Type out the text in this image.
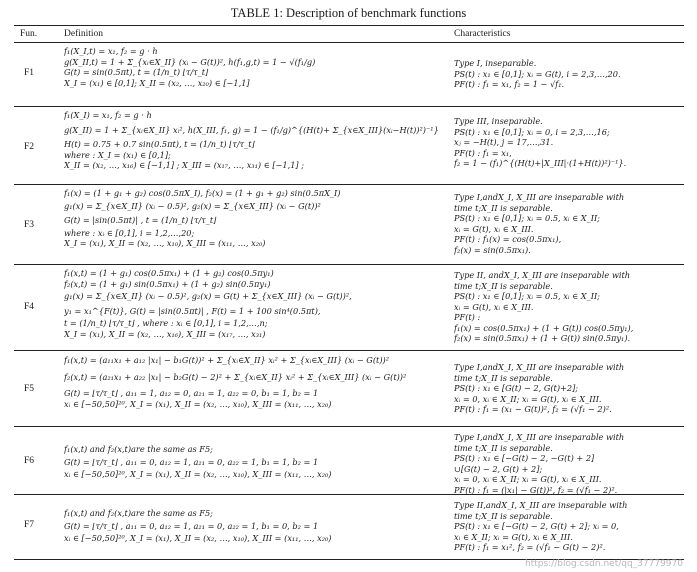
TABLE 1: Description of benchmark functions
Fun.	Definition	Characteristics
F1
f₁(X_I,t) = x₁, f₂ = g · h
g(X_II,t) = 1 + Σ_{xᵢ∈X_II} (xᵢ − G(t))², h(f₁,g,t) = 1 − √(f₁/g)
G(t) = sin(0.5πt), t = (1/n_t) ⌊τ/τ_t⌋
X_I = (x₁) ∈ [0,1]; X_II = (x₂, …, x₂₀) ∈ [−1,1]
Type I, inseparable.
PS(t) : x₁ ∈ [0,1]; xᵢ = G(t), i = 2,3,…,20.
PF(t) : f₁ = x₁, f₂ = 1 − √f₁.
F2
f₁(X_I) = x₁, f₂ = g · h
g(X_II) = 1 + Σ_{xᵢ∈X_II} xᵢ², h(X_III, f₁, g) = 1 − (f₁/g)^{(H(t)+ Σ_{x∈X_III}(xᵢ−H(t))²)⁻¹}
H(t) = 0.75 + 0.7 sin(0.5πt), t = (1/n_t) ⌊τ/τ_t⌋
where : X_I = (x₁) ∈ [0,1];
X_II = (x₂, …, x₁₆) ∈ [−1,1] ; X_III = (x₁₇, …, x₃₁) ∈ [−1,1] ;
Type III, inseparable.
PS(t) : x₁ ∈ [0,1]; xᵢ = 0, i = 2,3,…,16;
xⱼ = −H(t), j = 17,…,31.
PF(t) : f₁ = x₁,
f₂ = 1 − (f₁)^{(H(t)+|X_III|·(1+H(t))²)⁻¹}.
F3
f₁(x) = (1 + g₁ + g₂) cos(0.5πX_I), f₂(x) = (1 + g₁ + g₂) sin(0.5πX_I)
g₁(x) = Σ_{x∈X_II} (xᵢ − 0.5)², g₂(x) = Σ_{x∈X_III} (xᵢ − G(t))²
G(t) = |sin(0.5πt)| , t = (1/n_t) ⌊τ/τ_t⌋
where : xᵢ ∈ [0,1], i = 1,2,…,20;
X_I = (x₁), X_II = (x₂, …, x₁₀), X_III = (x₁₁, …, x₂₀)
Type I,andX_I, X_III are inseparable with
time t;X_II is separable.
PS(t) : x₁ ∈ [0,1]; xᵢ = 0.5, xᵢ ∈ X_II;
xᵢ = G(t), xᵢ ∈ X_III.
PF(t) : f₁(x) = cos(0.5πx₁),
f₂(x) = sin(0.5πx₁).
F4
f₁(x,t) = (1 + g₁) cos(0.5πx₁) + (1 + g₂) cos(0.5πy₁)
f₂(x,t) = (1 + g₁) sin(0.5πx₁) + (1 + g₂) sin(0.5πy₁)
g₁(x) = Σ_{x∈X_II} (xᵢ − 0.5)², g₂(x) = G(t) + Σ_{x∈X_III} (xᵢ − G(t))²,
y₁ = x₁^{F(t)}, G(t) = |sin(0.5πt)| , F(t) = 1 + 100 sin⁴(0.5πt),
t = (1/n_t) ⌊τ/τ_t⌋ , where : xᵢ ∈ [0,1], i = 1,2,…,n;
X_I = (x₁), X_II = (x₂, …, x₁₆), X_III = (x₁₇, …, x₃₁)
Type II, andX_I, X_III are inseparable with
time t;X_II is separable.
PS(t) : x₁ ∈ [0,1]; xᵢ = 0.5, xᵢ ∈ X_II;
xᵢ = G(t), xᵢ ∈ X_III.
PF(t) :
f₁(x) = cos(0.5πx₁) + (1 + G(t)) cos(0.5πy₁),
f₂(x) = sin(0.5πx₁) + (1 + G(t)) sin(0.5πy₁).
F5
f₁(x,t) = (a₁₁x₁ + a₁₂ |x₁| − b₁G(t))² + Σ_{xᵢ∈X_II} xᵢ² + Σ_{xᵢ∈X_III} (xᵢ − G(t))²
f₂(x,t) = (a₂₁x₁ + a₂₂ |x₁| − b₂G(t) − 2)² + Σ_{xᵢ∈X_II} xᵢ² + Σ_{xᵢ∈X_III} (xᵢ − G(t))²
G(t) = ⌊τ/τ_t⌋ , a₁₁ = 1, a₁₂ = 0, a₂₁ = 1, a₂₂ = 0, b₁ = 1, b₂ = 1
xᵢ ∈ [−50,50]²⁰, X_I = (x₁), X_II = (x₂, …, x₁₀), X_III = (x₁₁, …, x₂₀)
Type I,andX_I, X_III are inseparable with
time t;X_II is separable.
PS(t) : x₁ ∈ [G(t) − 2, G(t)+2];
xᵢ = 0, xᵢ ∈ X_II; xᵢ = G(t), xᵢ ∈ X_III.
PF(t) : f₁ = (x₁ − G(t))², f₂ = (√f₁ − 2)².
F6
f₁(x,t) and f₂(x,t)are the same as F5;
G(t) = ⌊τ/τ_t⌋ , a₁₁ = 0, a₁₂ = 1, a₂₁ = 0, a₂₂ = 1, b₁ = 1, b₂ = 1
xᵢ ∈ [−50,50]²⁰, X_I = (x₁), X_II = (x₂, …, x₁₀), X_III = (x₁₁, …, x₂₀)
Type I,andX_I, X_III are inseparable with
time t;X_II is separable.
PS(t) : x₁ ∈ [−G(t) − 2, −G(t) + 2]
∪[G(t) − 2, G(t) + 2];
xᵢ = 0, xᵢ ∈ X_II; xᵢ = G(t), xᵢ ∈ X_III.
PF(t) : f₁ = (|x₁| − G(t))², f₂ = (√f₁ − 2)².
F7
f₁(x,t) and f₂(x,t)are the same as F5;
G(t) = ⌊τ/τ_t⌋ , a₁₁ = 0, a₁₂ = 1, a₂₁ = 0, a₂₂ = 1, b₁ = 0, b₂ = 1
xᵢ ∈ [−50,50]²⁰, X_I = (x₁), X_II = (x₂, …, x₁₀), X_III = (x₁₁, …, x₂₀)
Type II,andX_I, X_III are inseparable with
time t;X_II is separable.
PS(t) : x₁ ∈ [−G(t) − 2, G(t) + 2]; xᵢ = 0,
xᵢ ∈ X_II; xᵢ = G(t), xᵢ ∈ X_III.
PF(t) : f₁ = x₁², f₂ = (√f₁ − G(t) − 2)².
https://blog.csdn.net/qq_37779970
